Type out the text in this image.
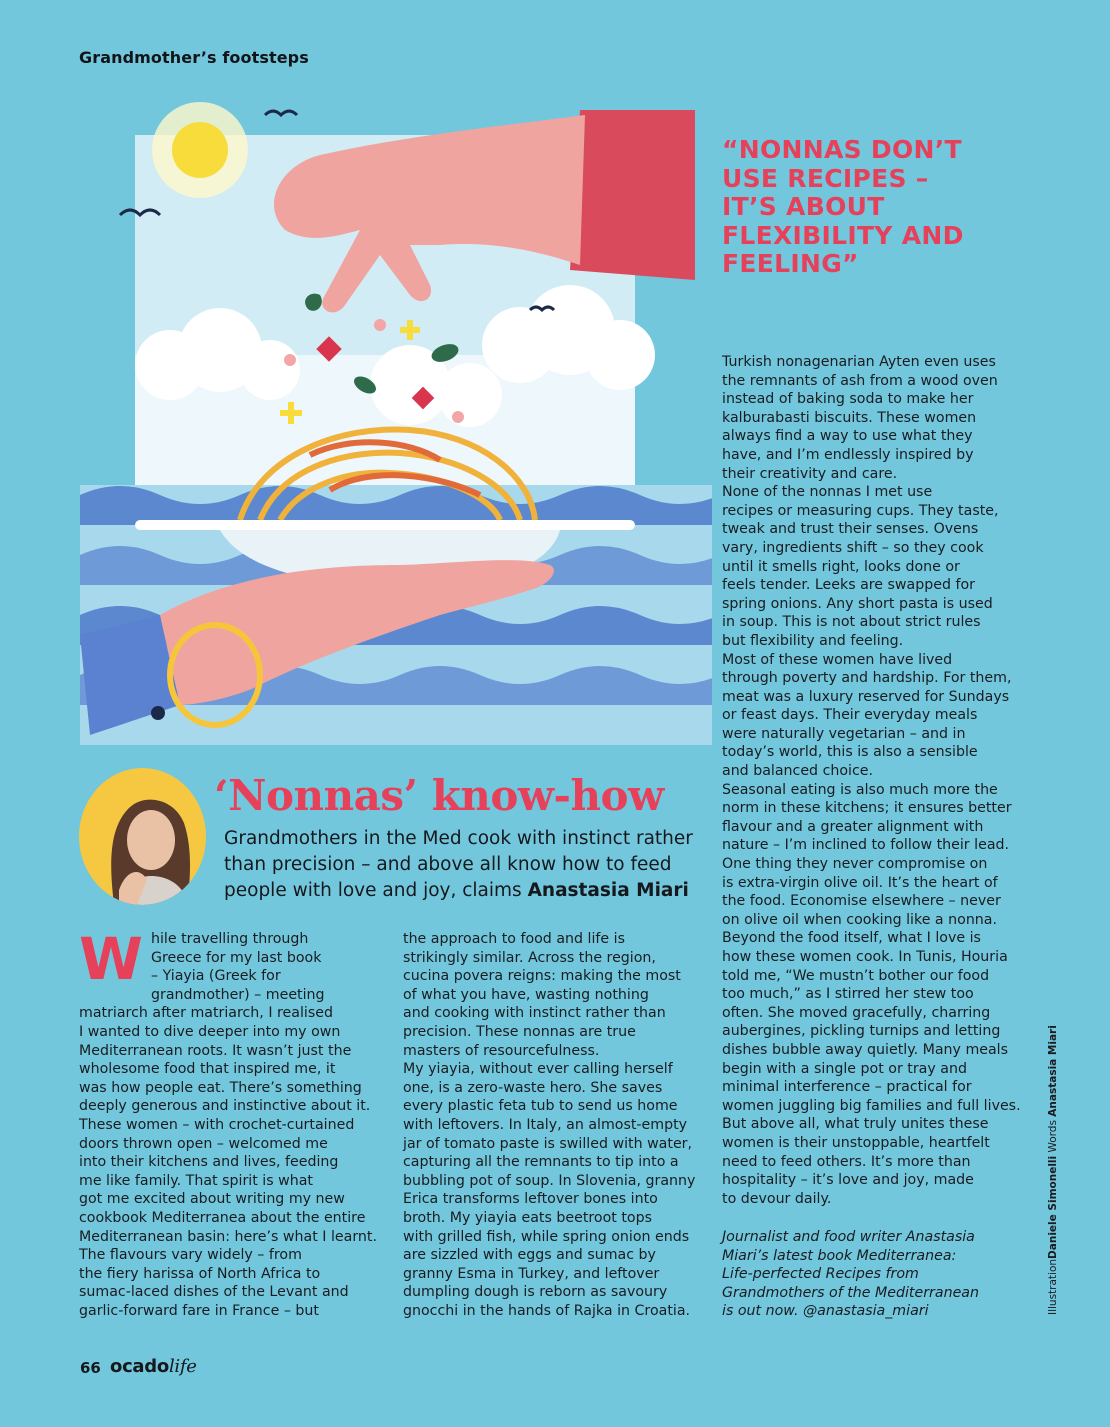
Grandmother’s footsteps
“NONNAS DON’T USE RECIPES – IT’S ABOUT FLEXIBILITY AND FEELING”
‘Nonnas’ know-how
Grandmothers in the Med cook with instinct rather than precision – and above all know how to feed people with love and joy, claims Anastasia Miari
While travelling through
Greece for my last book
– Yiayia (Greek for
grandmother) – meeting
matriarch after matriarch, I realised
I wanted to dive deeper into my own
Mediterranean roots. It wasn’t just the
wholesome food that inspired me, it
was how people eat. There’s something
deeply generous and instinctive about it.
These women – with crochet-curtained
doors thrown open – welcomed me
into their kitchens and lives, feeding
me like family. That spirit is what
got me excited about writing my new
cookbook Mediterranea about the entire
Mediterranean basin: here’s what I learnt.
The flavours vary widely – from
the fiery harissa of North Africa to
sumac-laced dishes of the Levant and
garlic-forward fare in France – but
the approach to food and life is
strikingly similar. Across the region,
cucina povera reigns: making the most
of what you have, wasting nothing
and cooking with instinct rather than
precision. These nonnas are true
masters of resourcefulness.
My yiayia, without ever calling herself
one, is a zero-waste hero. She saves
every plastic feta tub to send us home
with leftovers. In Italy, an almost-empty
jar of tomato paste is swilled with water,
capturing all the remnants to tip into a
bubbling pot of soup. In Slovenia, granny
Erica transforms leftover bones into
broth. My yiayia eats beetroot tops
with grilled fish, while spring onion ends
are sizzled with eggs and sumac by
granny Esma in Turkey, and leftover
dumpling dough is reborn as savoury
gnocchi in the hands of Rajka in Croatia.
Turkish nonagenarian Ayten even uses
the remnants of ash from a wood oven
instead of baking soda to make her
kalburabasti biscuits. These women
always find a way to use what they
have, and I’m endlessly inspired by
their creativity and care.
None of the nonnas I met use
recipes or measuring cups. They taste,
tweak and trust their senses. Ovens
vary, ingredients shift – so they cook
until it smells right, looks done or
feels tender. Leeks are swapped for
spring onions. Any short pasta is used
in soup. This is not about strict rules
but flexibility and feeling.
Most of these women have lived
through poverty and hardship. For them,
meat was a luxury reserved for Sundays
or feast days. Their everyday meals
were naturally vegetarian – and in
today’s world, this is also a sensible
and balanced choice.
Seasonal eating is also much more the
norm in these kitchens; it ensures better
flavour and a greater alignment with
nature – I’m inclined to follow their lead.
One thing they never compromise on
is extra-virgin olive oil. It’s the heart of
the food. Economise elsewhere – never
on olive oil when cooking like a nonna.
Beyond the food itself, what I love is
how these women cook. In Tunis, Houria
told me, “We mustn’t bother our food
too much,” as I stirred her stew too
often. She moved gracefully, charring
aubergines, pickling turnips and letting
dishes bubble away quietly. Many meals
begin with a single pot or tray and
minimal interference – practical for
women juggling big families and full lives.
But above all, what truly unites these
women is their unstoppable, heartfelt
need to feed others. It’s more than
hospitality – it’s love and joy, made
to devour daily.
Journalist and food writer Anastasia
Miari’s latest book Mediterranea:
Life-perfected Recipes from
Grandmothers of the Mediterranean
is out now. @anastasia_miari	IllustrationDaniele Simonelli Words Anastasia Miari
66 ocadolife
